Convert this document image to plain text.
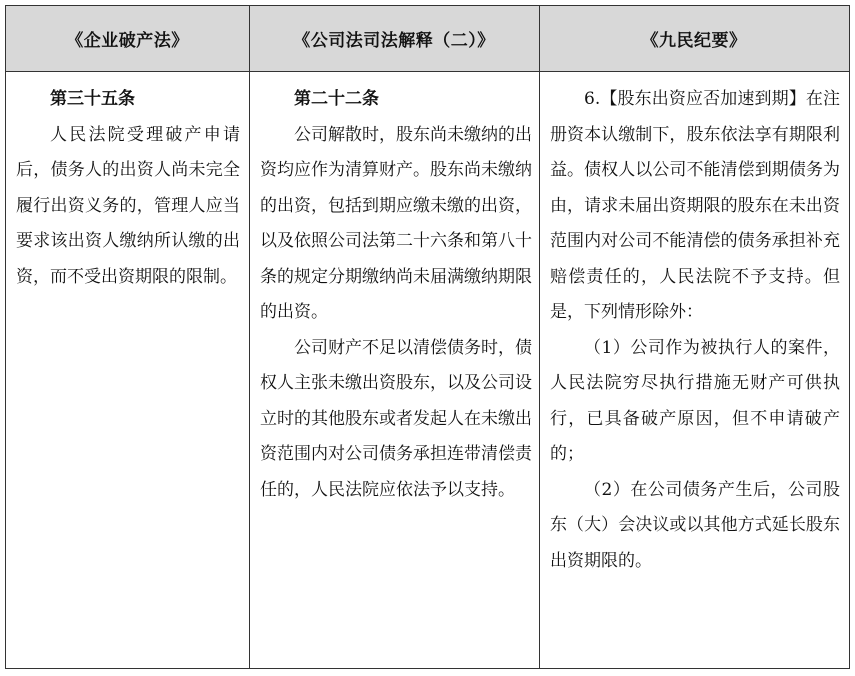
《企业破产法》	《公司法司法解释（二）》	《九民纪要》
第三十五条
人民法院受理破产申请后，债务人的出资人尚未完全履行出资义务的，管理人应当要求该出资人缴纳所认缴的出资，而不受出资期限的限制。
第二十二条
公司解散时，股东尚未缴纳的出资均应作为清算财产。股东尚未缴纳的出资，包括到期应缴未缴的出资，以及依照公司法第二十六条和第八十条的规定分期缴纳尚未届满缴纳期限的出资。
公司财产不足以清偿债务时，债权人主张未缴出资股东，以及公司设立时的其他股东或者发起人在未缴出资范围内对公司债务承担连带清偿责任的，人民法院应依法予以支持。
6.【股东出资应否加速到期】在注册资本认缴制下，股东依法享有期限利益。债权人以公司不能清偿到期债务为由，请求未届出资期限的股东在未出资范围内对公司不能清偿的债务承担补充赔偿责任的，人民法院不予支持。但是，下列情形除外：
（1）公司作为被执行人的案件，人民法院穷尽执行措施无财产可供执行，已具备破产原因，但不申请破产的；
（2）在公司债务产生后，公司股东（大）会决议或以其他方式延长股东出资期限的。
